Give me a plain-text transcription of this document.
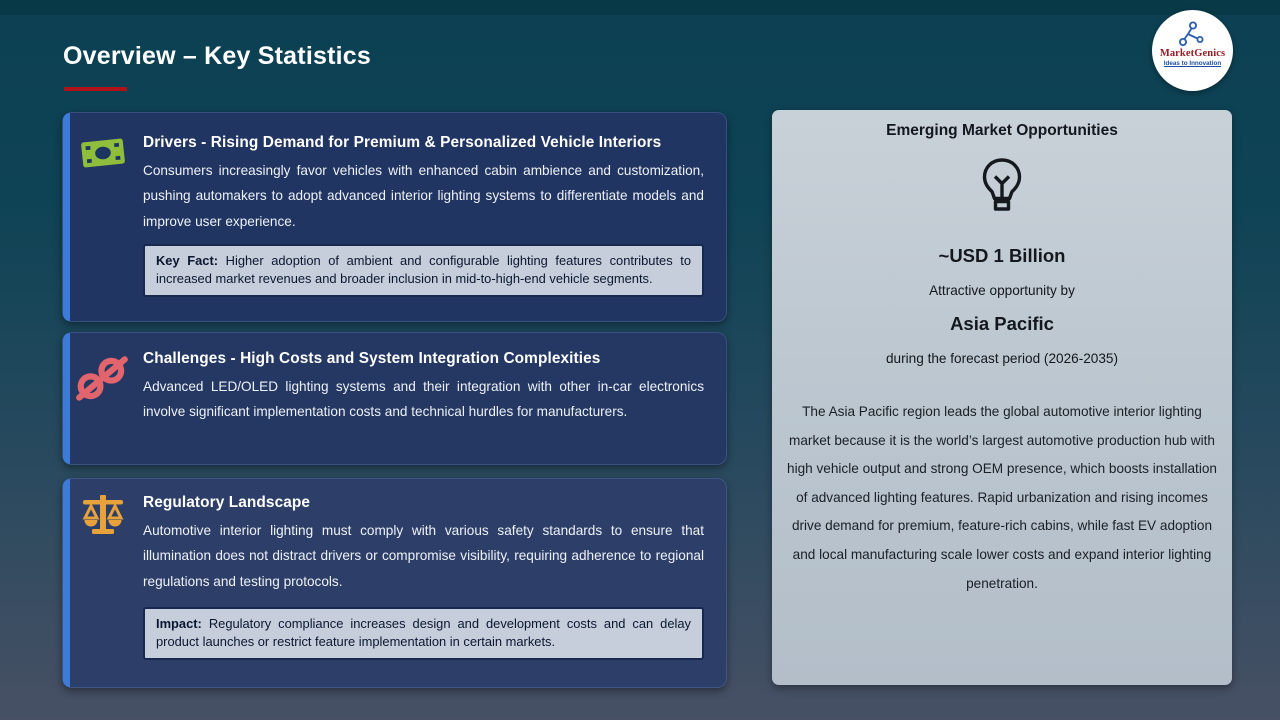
Overview – Key Statistics	MarketGenics
Ideas to Innovation
Drivers - Rising Demand for Premium & Personalized Vehicle Interiors

Consumers increasingly favor vehicles with enhanced cabin ambience and customization, pushing automakers to adopt advanced interior lighting systems to differentiate models and improve user experience.

Key Fact: Higher adoption of ambient and configurable lighting features contributes to increased market revenues and broader inclusion in mid-to-high-end vehicle segments.
Challenges - High Costs and System Integration Complexities

Advanced LED/OLED lighting systems and their integration with other in-car electronics involve significant implementation costs and technical hurdles for manufacturers.

Regulatory Landscape

Automotive interior lighting must comply with various safety standards to ensure that illumination does not distract drivers or compromise visibility, requiring adherence to regional regulations and testing protocols.

Impact: Regulatory compliance increases design and development costs and can delay product launches or restrict feature implementation in certain markets.
Emerging Market Opportunities
~USD 1 Billion
Attractive opportunity by
Asia Pacific
during the forecast period (2026-2035)

The Asia Pacific region leads the global automotive interior lighting market because it is the world’s largest automotive production hub with high vehicle output and strong OEM presence, which boosts installation of advanced lighting features. Rapid urbanization and rising incomes drive demand for premium, feature-rich cabins, while fast EV adoption and local manufacturing scale lower costs and expand interior lighting penetration.
